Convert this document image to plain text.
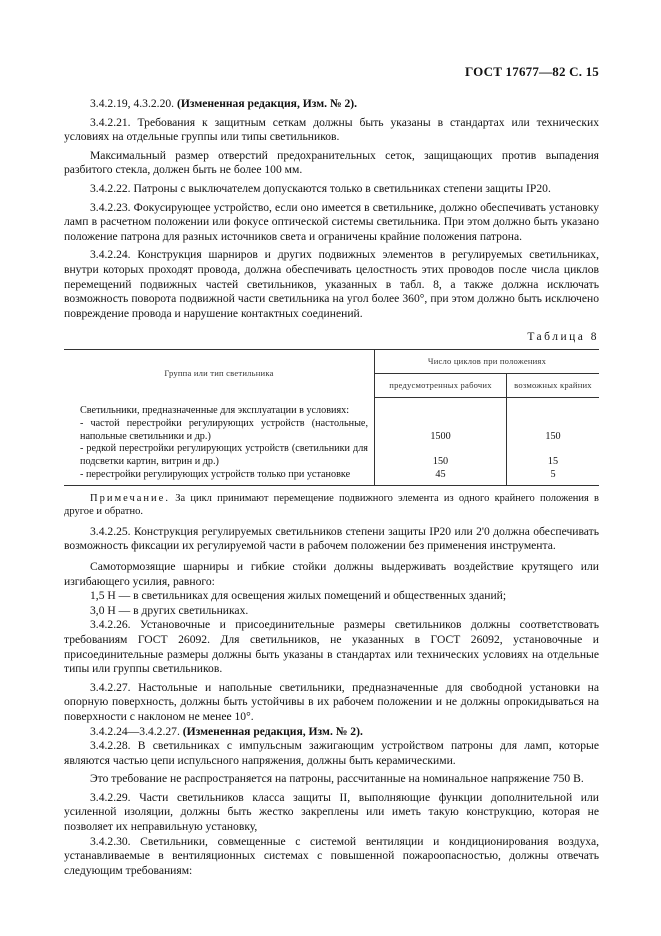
ГОСТ 17677—82 С. 15

3.4.2.19, 4.3.2.20. (Измененная редакция, Изм. № 2).

3.4.2.21. Требования к защитным сеткам должны быть указаны в стандартах или технических условиях на отдельные группы или типы светильников.

Максимальный размер отверстий предохранительных сеток, защищающих против выпадения разбитого стекла, должен быть не более 100 мм.

3.4.2.22. Патроны с выключателем допускаются только в светильниках степени защиты IP20.

3.4.2.23. Фокусирующее устройство, если оно имеется в светильнике, должно обеспечивать установку ламп в расчетном положении или фокусе оптической системы светильника. При этом должно быть указано положение патрона для разных источников света и ограничены крайние положения патрона.

3.4.2.24. Конструкция шарниров и других подвижных элементов в регулируемых светильниках, внутри которых проходят провода, должна обеспечивать целостность этих проводов после числа циклов перемещений подвижных частей светильников, указанных в табл. 8, а также должна исключать возможность поворота подвижной части светильника на угол более 360°, при этом должно быть исключено повреждение провода и нарушение контактных соединений.

Таблица 8
Группа или тип светильника	Число циклов при положениях	
	предусмотренных рабочих	возможных крайних
Светильники, предназначенные для эксплуатации в условиях:		
- частой перестройки регулирующих устройств (настольные, напольные светильники и др.)	1500	150
- редкой перестройки регулирующих устройств (светильники для подсветки картин, витрин и др.)	150	15
- перестройки регулирующих устройств только при установке	45	5
Примечание. За цикл принимают перемещение подвижного элемента из одного крайнего положения в другое и обратно.

3.4.2.25. Конструкция регулируемых светильников степени защиты IP20 или 2'0 должна обеспечивать возможность фиксации их регулируемой части в рабочем положении без применения инструмента.

Самотормозящие шарниры и гибкие стойки должны выдерживать воздействие крутящего или изгибающего усилия, равного:

1,5 Н — в светильниках для освещения жилых помещений и общественных зданий;

3,0 Н — в других светильниках.

3.4.2.26. Установочные и присоединительные размеры светильников должны соответствовать требованиям ГОСТ 26092. Для светильников, не указанных в ГОСТ 26092, установочные и присоединительные размеры должны быть указаны в стандартах или технических условиях на отдельные типы или группы светильников.

3.4.2.27. Настольные и напольные светильники, предназначенные для свободной установки на опорную поверхность, должны быть устойчивы в их рабочем положении и не должны опрокидываться на поверхности с наклоном не менее 10°.

3.4.2.24—3.4.2.27. (Измененная редакция, Изм. № 2).

3.4.2.28. В светильниках с импульсным зажигающим устройством патроны для ламп, которые являются частью цепи испульсного напряжения, должны быть керамическими.

Это требование не распространяется на патроны, рассчитанные на номинальное напряжение 750 В.

3.4.2.29. Части светильников класса защиты II, выполняющие функции дополнительной или усиленной изоляции, должны быть жестко закреплены или иметь такую конструкцию, которая не позволяет их неправильную установку,

3.4.2.30. Светильники, совмещенные с системой вентиляции и кондиционирования воздуха, устанавливаемые в вентиляционных системах с повышенной пожароопасностью, должны отвечать следующим требованиям:
